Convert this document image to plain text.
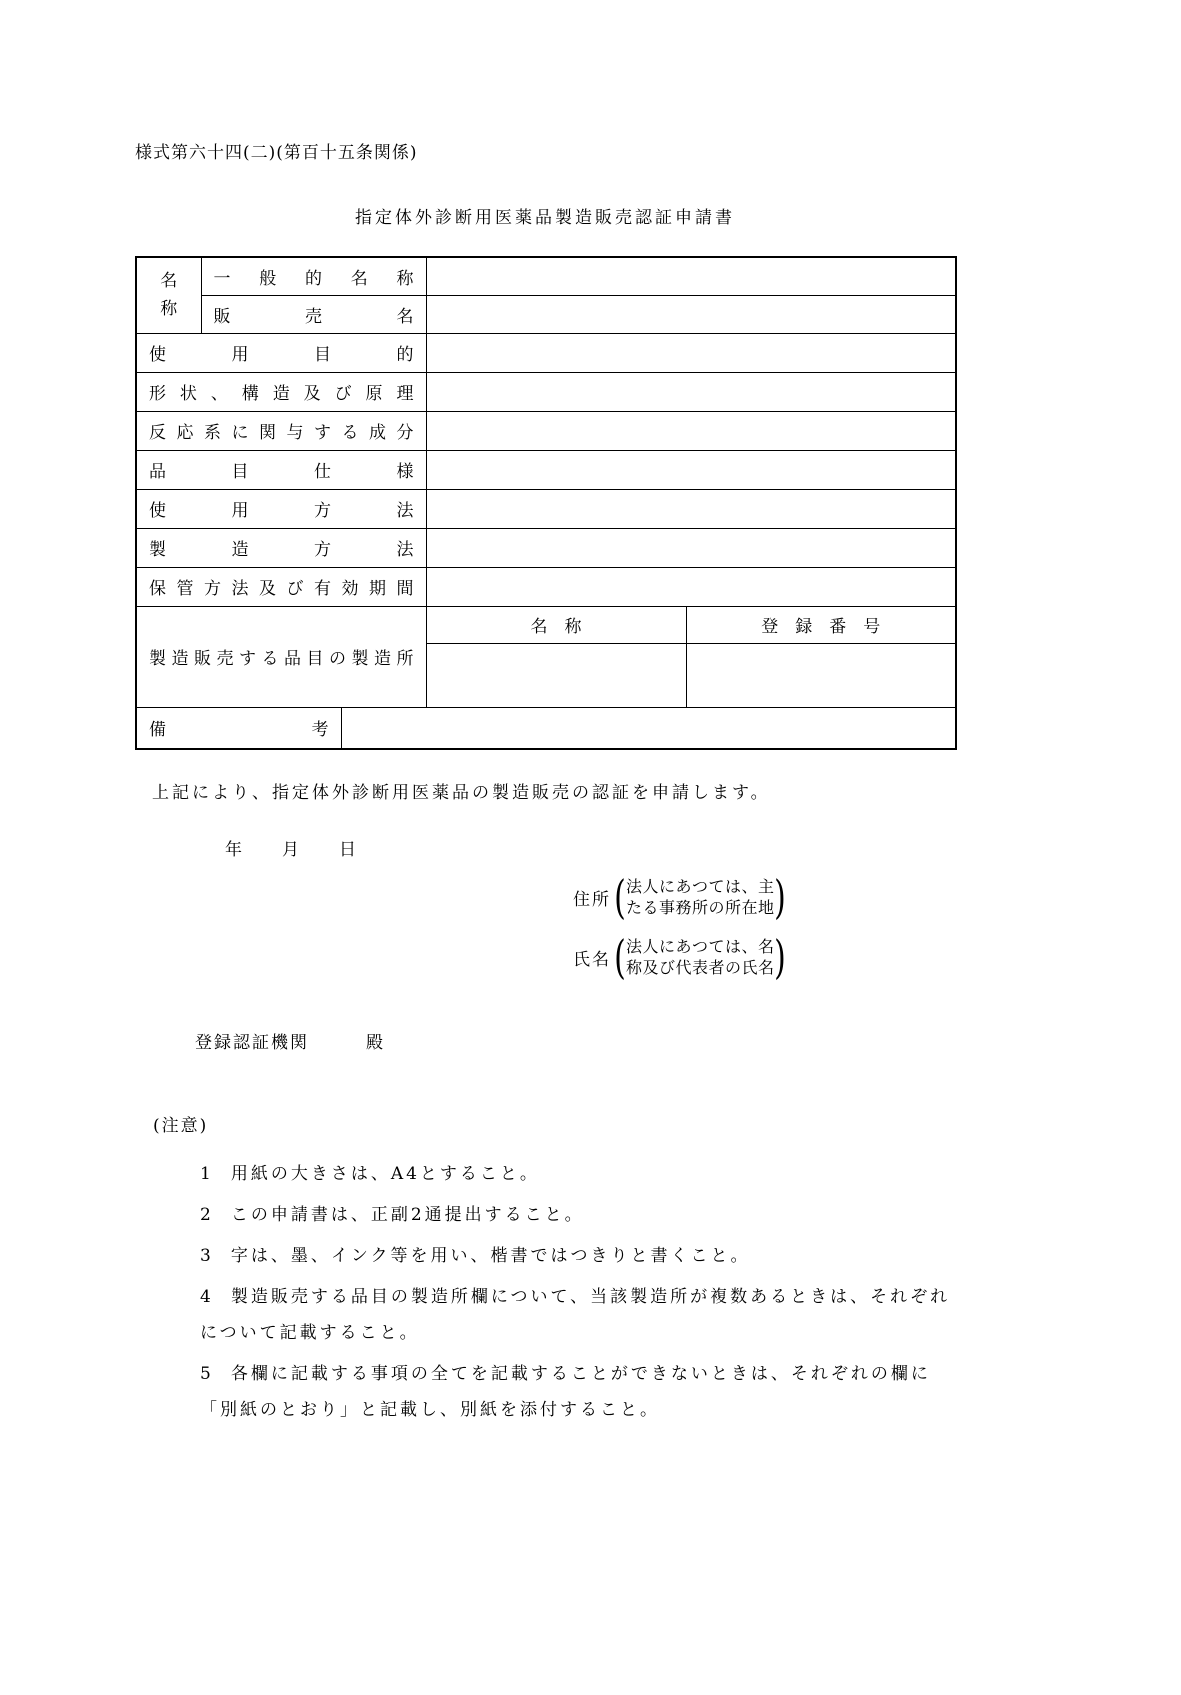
様式第六十四(二)(第百十五条関係)
指定体外診断用医薬品製造販売認証申請書
名称	一般的名称			
	販売名			
使用目的				
形状、構造及び原理				
反応系に関与する成分				
品目仕様				
使用方法				
製造方法				
保管方法及び有効期間				
製造販売する品目の製造所			名　称	登　録　番　号

備考				
上記により、指定体外診断用医薬品の製造販売の認証を申請します。
年　　月　　日
住所 ( 法人にあつては、主
たる事務所の所在地 )
氏名 ( 法人にあつては、名
称及び代表者の氏名 )
登録認証機関　　　殿
(注意)
1 用紙の大きさは、A4とすること。
2 この申請書は、正副2通提出すること。
3 字は、墨、インク等を用い、楷書ではつきりと書くこと。
4 製造販売する品目の製造所欄について、当該製造所が複数あるときは、それぞれについて記載すること。
5 各欄に記載する事項の全てを記載することができないときは、それぞれの欄に「別紙のとおり」と記載し、別紙を添付すること。
